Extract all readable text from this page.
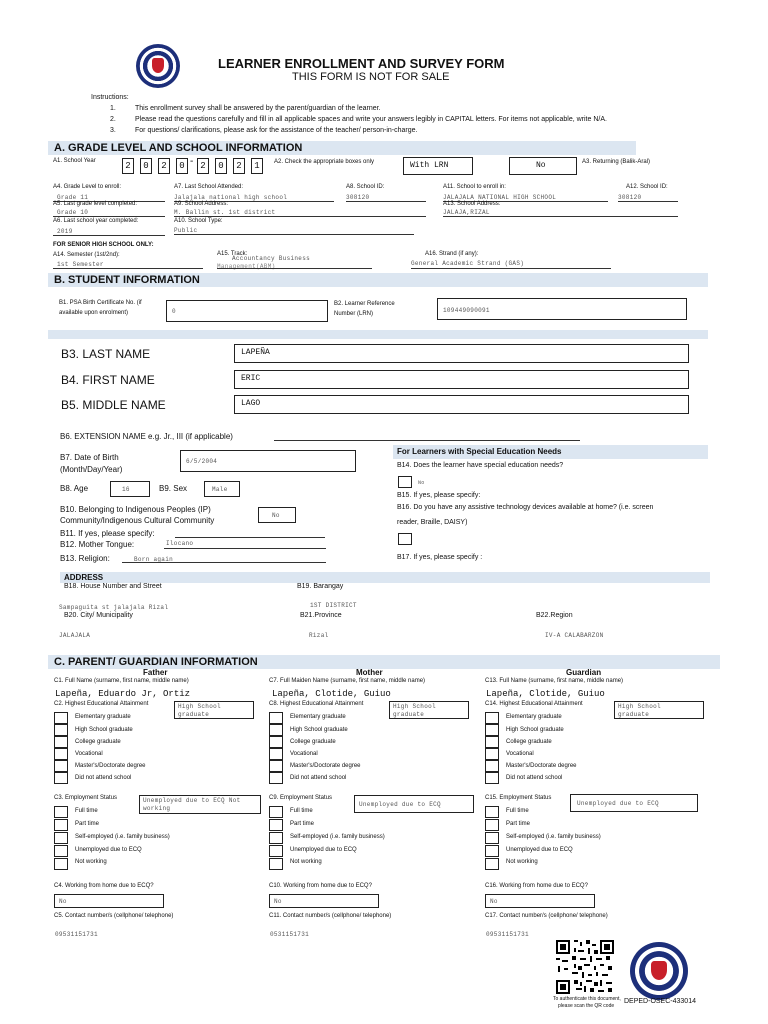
LEARNER ENROLLMENT AND SURVEY FORM
THIS FORM IS NOT FOR SALE
Instructions:
1.	This enrollment survey shall be answered by the parent/guardian of the learner.
2.	Please read the questions carefully and fill in all applicable spaces and write your answers legibly in CAPITAL letters. For items not applicable, write N/A.
3.	For questions/ clarifications, please ask for the assistance of the teacher/ person-in-charge.
A. GRADE LEVEL AND SCHOOL INFORMATION
A1. School Year	2	0	2	0 - 2	0	2	1	A2. Check the appropriate boxes only	With LRN	No	A3. Returning (Balik-Aral)
A4. Grade Level to enroll:
Grade 11
A5. Last grade level completed:
Grade 10
A6. Last school year completed:
2019
A7. Last School Attended:
Jalajala national high school
A8. School ID:
308120
A9. School Address:
M. Ballin st. 1st district
A10. School Type:
Public
A11. School to enroll in:
JALAJALA NATIONAL HIGH SCHOOL
A12. School ID:
308120
A13. School Address:
JALAJA,RIZAL
FOR SENIOR HIGH SCHOOL ONLY:
A14. Semester (1st/2nd):
1st Semester
A15. Track:
Accountancy Business
Management(ABM)
A16. Strand (if any):
General Academic Strand (GAS)
B. STUDENT INFORMATION
B1. PSA Birth Certificate No. (if
available upon enrolment)	0
B2. Learner Reference
Number (LRN)	109449090091
B3. LAST NAME	LAPEÑA
B4. FIRST NAME	ERIC
B5. MIDDLE NAME	LAGO
B6. EXTENSION NAME e.g. Jr., III (if applicable)
For Learners with Special Education Needs
B7. Date of Birth
(Month/Day/Year)
6/5/2004
B14. Does the learner have special education needs?
No
B8. Age	16	B9. Sex	Male
B15. If yes, please specify:
B10. Belonging to Indigenous Peoples (IP)
Community/Indigenous Cultural Community
No
B16. Do you have any assistive technology devices available at home? (i.e. screen
reader, Braille, DAISY)
B11. If yes, please specify:
B12. Mother Tongue:	Ilocano
B13. Religion:	Born again	B17. If yes, please specify :
ADDRESS
B18. House Number and Street
Sampaguita st jalajala Rizal
B19. Barangay
1ST DISTRICT
B20. City/ Municipality
JALAJALA
B21.Province
Rizal
B22.Region
IV-A CALABARZON
C. PARENT/ GUARDIAN INFORMATION
Father	Mother	Guardian
C1. Full Name (surname, first name, middle name)
Lapeña, Eduardo Jr, Ortiz
C2. Highest Educational Attainment	High School
graduate
Elementary graduate
High School graduate
College graduate
Vocational
Master's/Doctorate degree
Did not attend school
C3. Employment Status	Unemployed due to ECQ Not
working
Full time
Part time
Self-employed (i.e. family business)
Unemployed due to ECQ
Not working
C4. Working from home due to ECQ?
No
C5. Contact number/s (cellphone/ telephone)
09531151731
C7. Full Maiden Name (surname, first name, middle name)
Lapeña, Clotide, Guiuo
C8. Highest Educational Attainment	High School
graduate
Elementary graduate
High School graduate
College graduate
Vocational
Master's/Doctorate degree
Did not attend school
C9. Employment Status
Unemployed due to ECQ
Full time
Part time
Self-employed (i.e. family business)
Unemployed due to ECQ
Not working
C10. Working from home due to ECQ?
No
C11. Contact number/s (cellphone/ telephone)
0531151731
C13. Full Name (surname, first name, middle name)
Lapeña, Clotide, Guiuo
C14. Highest Educational Attainment	High School
graduate
Elementary graduate
High School graduate
College graduate
Vocational
Master's/Doctorate degree
Did not attend school
C15. Employment Status
Unemployed due to ECQ
Full time
Part time
Self-employed (i.e. family business)
Unemployed due to ECQ
Not working
C16. Working from home due to ECQ?
No
C17. Contact number/s (cellphone/ telephone)
09531151731
To authenticate this document,
please scan the QR code
DEPED-OSEC-433014
